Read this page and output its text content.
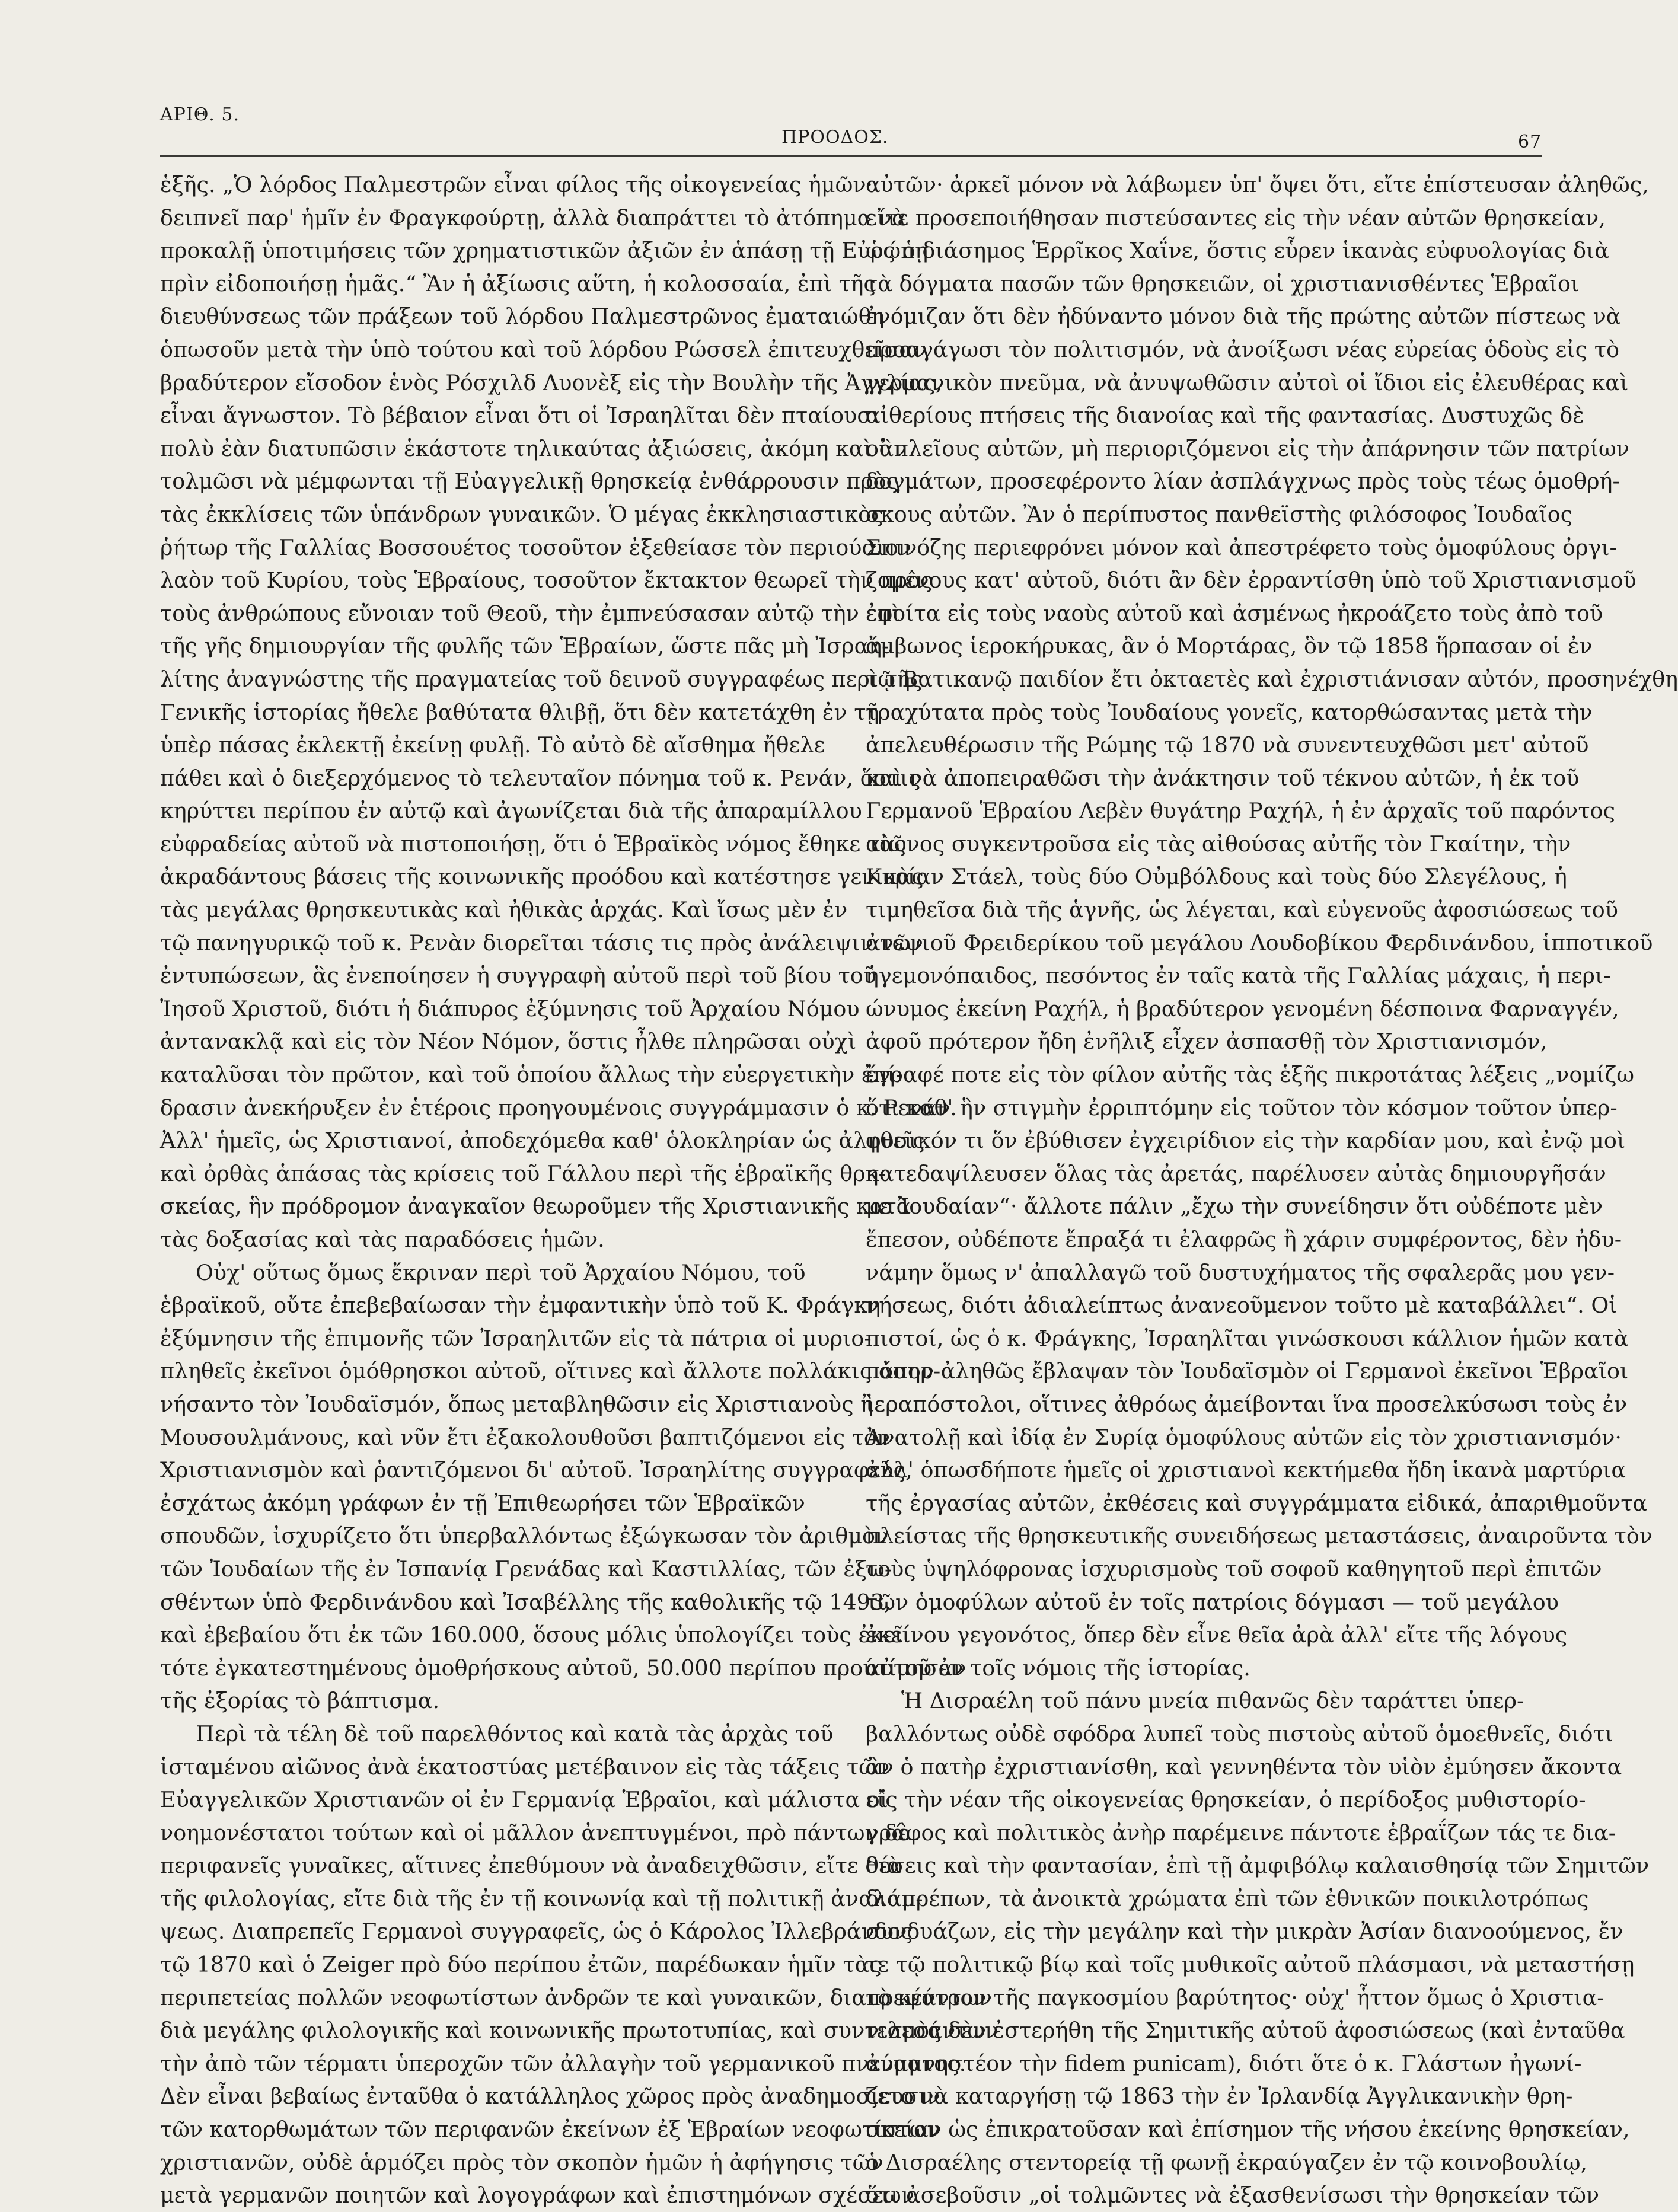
ΑΡΙΘ. 5.
ΠΡΟΟΔΟΣ.	67
ἑξῆς. „Ὁ λόρδος Παλμεστρῶν εἶναι φίλος τῆς οἰκογενείας ἡμῶν·
δειπνεῖ παρ' ἡμῖν ἐν Φραγκφούρτῃ, ἀλλὰ διαπράττει τὸ ἀτόπημα νὰ
προκαλῇ ὑποτιμήσεις τῶν χρηματιστικῶν ἀξιῶν ἐν ἁπάσῃ τῇ Εὐρώπῃ
πρὶν εἰδοποιήσῃ ἡμᾶς.“ Ἂν ἡ ἀξίωσις αὕτη, ἡ κολοσσαία, ἐπὶ τῆς
διευθύνσεως τῶν πράξεων τοῦ λόρδου Παλμεστρῶνος ἐματαιώθη
ὁπωσοῦν μετὰ τὴν ὑπὸ τούτου καὶ τοῦ λόρδου Ρώσσελ ἐπιτευχθεῖσαν
βραδύτερον εἴσοδον ἑνὸς Ρόσχιλδ Λυονὲξ εἰς τὴν Βουλὴν τῆς Ἀγγλίας,
εἶναι ἄγνωστον. Τὸ βέβαιον εἶναι ὅτι οἱ Ἰσραηλῖται δὲν πταίουσι
πολὺ ἐὰν διατυπῶσιν ἑκάστοτε τηλικαύτας ἀξιώσεις, ἀκόμη καὶ ἂν
τολμῶσι νὰ μέμφωνται τῇ Εὐαγγελικῇ θρησκείᾳ ἐνθάρρουσιν πρὸς
τὰς ἐκκλίσεις τῶν ὑπάνδρων γυναικῶν. Ὁ μέγας ἐκκλησιαστικὸς
ῥήτωρ τῆς Γαλλίας Βοσσουέτος τοσοῦτον ἐξεθείασε τὸν περιούσιον
λαὸν τοῦ Κυρίου, τοὺς Ἑβραίους, τοσοῦτον ἔκτακτον θεωρεῖ τὴν πρὸς
τοὺς ἀνθρώπους εὔνοιαν τοῦ Θεοῦ, τὴν ἐμπνεύσασαν αὐτῷ τὴν ἐπὶ
τῆς γῆς δημιουργίαν τῆς φυλῆς τῶν Ἑβραίων, ὥστε πᾶς μὴ Ἰσραη-
λίτης ἀναγνώστης τῆς πραγματείας τοῦ δεινοῦ συγγραφέως περὶ τῆς
Γενικῆς ἱστορίας ἤθελε βαθύτατα θλιβῇ, ὅτι δὲν κατετάχθη ἐν τῇ
ὑπὲρ πάσας ἐκλεκτῇ ἐκείνῃ φυλῇ. Τὸ αὐτὸ δὲ αἴσθημα ἤθελε
πάθει καὶ ὁ διεξερχόμενος τὸ τελευταῖον πόνημα τοῦ κ. Ρενάν, ὅστις
κηρύττει περίπου ἐν αὐτῷ καὶ ἀγωνίζεται διὰ τῆς ἀπαραμίλλου
εὐφραδείας αὐτοῦ νὰ πιστοποιήσῃ, ὅτι ὁ Ἑβραϊκὸς νόμος ἔθηκε τὰς
ἀκραδάντους βάσεις τῆς κοινωνικῆς προόδου καὶ κατέστησε γενικὰς
τὰς μεγάλας θρησκευτικὰς καὶ ἠθικὰς ἀρχάς. Καὶ ἴσως μὲν ἐν
τῷ πανηγυρικῷ τοῦ κ. Ρενὰν διορεῖται τάσις τις πρὸς ἀνάλειψιν τῶν
ἐντυπώσεων, ἃς ἐνεποίησεν ἡ συγγραφὴ αὐτοῦ περὶ τοῦ βίου τοῦ
Ἰησοῦ Χριστοῦ, διότι ἡ διάπυρος ἐξύμνησις τοῦ Ἀρχαίου Νόμου
ἀντανακλᾷ καὶ εἰς τὸν Νέον Νόμον, ὅστις ἦλθε πληρῶσαι οὐχὶ
καταλῦσαι τὸν πρῶτον, καὶ τοῦ ὁποίου ἄλλως τὴν εὐεργετικὴν ἐπί-
δρασιν ἀνεκήρυξεν ἐν ἑτέροις προηγουμένοις συγγράμμασιν ὁ κ. Ρενάν.
Ἀλλ' ἡμεῖς, ὡς Χριστιανοί, ἀποδεχόμεθα καθ' ὁλοκληρίαν ὡς ἀληθεῖς
καὶ ὀρθὰς ἁπάσας τὰς κρίσεις τοῦ Γάλλου περὶ τῆς ἑβραϊκῆς θρη-
σκείας, ἣν πρόδρομον ἀναγκαῖον θεωροῦμεν τῆς Χριστιανικῆς κατὰ
τὰς δοξασίας καὶ τὰς παραδόσεις ἡμῶν.
Οὐχ' οὕτως ὅμως ἔκριναν περὶ τοῦ Ἀρχαίου Νόμου, τοῦ
ἑβραϊκοῦ, οὔτε ἐπεβεβαίωσαν τὴν ἐμφαντικὴν ὑπὸ τοῦ Κ. Φράγκη
ἐξύμνησιν τῆς ἐπιμονῆς τῶν Ἰσραηλιτῶν εἰς τὰ πάτρια οἱ μυριο-
πληθεῖς ἐκεῖνοι ὁμόθρησκοι αὐτοῦ, οἵτινες καὶ ἄλλοτε πολλάκις ἀπηρ-
νήσαντο τὸν Ἰουδαϊσμόν, ὅπως μεταβληθῶσιν εἰς Χριστιανοὺς ἢ
Μουσουλμάνους, καὶ νῦν ἔτι ἐξακολουθοῦσι βαπτιζόμενοι εἰς τὸν
Χριστιανισμὸν καὶ ῥαντιζόμενοι δι' αὐτοῦ. Ἰσραηλίτης συγγραφεύς,
ἐσχάτως ἀκόμη γράφων ἐν τῇ Ἐπιθεωρήσει τῶν Ἑβραϊκῶν
σπουδῶν, ἰσχυρίζετο ὅτι ὑπερβαλλόντως ἐξώγκωσαν τὸν ἀριθμὸν
τῶν Ἰουδαίων τῆς ἐν Ἱσπανίᾳ Γρενάδας καὶ Καστιλλίας, τῶν ἐξω-
σθέντων ὑπὸ Φερδινάνδου καὶ Ἰσαβέλλης τῆς καθολικῆς τῷ 1493,
καὶ ἐβεβαίου ὅτι ἐκ τῶν 160.000, ὅσους μόλις ὑπολογίζει τοὺς ἐκεῖ
τότε ἐγκατεστημένους ὁμοθρήσκους αὐτοῦ, 50.000 περίπου προύτίμησαν
τῆς ἐξορίας τὸ βάπτισμα.
Περὶ τὰ τέλη δὲ τοῦ παρελθόντος καὶ κατὰ τὰς ἀρχὰς τοῦ
ἱσταμένου αἰῶνος ἀνὰ ἑκατοστύας μετέβαινον εἰς τὰς τάξεις τῶν
Εὐαγγελικῶν Χριστιανῶν οἱ ἐν Γερμανίᾳ Ἑβραῖοι, καὶ μάλιστα οἱ
νοημονέστατοι τούτων καὶ οἱ μᾶλλον ἀνεπτυγμένοι, πρὸ πάντων δὲ
περιφανεῖς γυναῖκες, αἵτινες ἐπεθύμουν νὰ ἀναδειχθῶσιν, εἴτε διὰ
τῆς φιλολογίας, εἴτε διὰ τῆς ἐν τῇ κοινωνίᾳ καὶ τῇ πολιτικῇ ἀναλάμ-
ψεως. Διαπρεπεῖς Γερμανοὶ συγγραφεῖς, ὡς ὁ Κάρολος Ἰλλεβράνδος
τῷ 1870 καὶ ὁ Zeiger πρὸ δύο περίπου ἐτῶν, παρέδωκαν ἡμῖν τὰς
περιπετείας πολλῶν νεοφωτίστων ἀνδρῶν τε καὶ γυναικῶν, διαπρεψάντων
διὰ μεγάλης φιλολογικῆς καὶ κοινωνικῆς πρωτοτυπίας, καὶ συντελεσάντων
τὴν ἀπὸ τῶν τέρματι ὑπεροχῶν τῶν ἀλλαγὴν τοῦ γερμανικοῦ πνεύματος.
Δὲν εἶναι βεβαίως ἐνταῦθα ὁ κατάλληλος χῶρος πρὸς ἀναδημοσίευσιν
τῶν κατορθωμάτων τῶν περιφανῶν ἐκείνων ἐξ Ἑβραίων νεοφωτίστων
χριστιανῶν, οὐδὲ ἁρμόζει πρὸς τὸν σκοπὸν ἡμῶν ἡ ἀφήγησις τῶν
μετὰ γερμανῶν ποιητῶν καὶ λογογράφων καὶ ἐπιστημόνων σχέσεων
αὐτῶν· ἀρκεῖ μόνον νὰ λάβωμεν ὑπ' ὄψει ὅτι, εἴτε ἐπίστευσαν ἀληθῶς,
εἴτε προσεποιήθησαν πιστεύσαντες εἰς τὴν νέαν αὐτῶν θρησκείαν,
ὡς ὁ διάσημος Ἑρρῖκος Χαΐνε, ὅστις εὗρεν ἱκανὰς εὐφυολογίας διὰ
τὰ δόγματα πασῶν τῶν θρησκειῶν, οἱ χριστιανισθέντες Ἑβραῖοι
ἐνόμιζαν ὅτι δὲν ἠδύναντο μόνον διὰ τῆς πρώτης αὐτῶν πίστεως νὰ
προαγάγωσι τὸν πολιτισμόν, νὰ ἀνοίξωσι νέας εὐρείας ὁδοὺς εἰς τὸ
γερμανικὸν πνεῦμα, νὰ ἀνυψωθῶσιν αὐτοὶ οἱ ἴδιοι εἰς ἐλευθέρας καὶ
αἰθερίους πτήσεις τῆς διανοίας καὶ τῆς φαντασίας. Δυστυχῶς δὲ
οἱ πλεῖους αὐτῶν, μὴ περιοριζόμενοι εἰς τὴν ἀπάρνησιν τῶν πατρίων
δογμάτων, προσεφέροντο λίαν ἀσπλάγχνως πρὸς τοὺς τέως ὁμοθρή-
σκους αὐτῶν. Ἂν ὁ περίπυστος πανθεϊστὴς φιλόσοφος Ἰουδαῖος
Σπινόζης περιεφρόνει μόνον καὶ ἀπεστρέφετο τοὺς ὁμοφύλους ὀργι-
ζομένους κατ' αὐτοῦ, διότι ἂν δὲν ἐρραντίσθη ὑπὸ τοῦ Χριστιανισμοῦ
ἐφοίτα εἰς τοὺς ναοὺς αὐτοῦ καὶ ἀσμένως ἠκροάζετο τοὺς ἀπὸ τοῦ
ἄμβωνος ἱεροκήρυκας, ἂν ὁ Μορτάρας, ὃν τῷ 1858 ἥρπασαν οἱ ἐν
τῷ Βατικανῷ παιδίον ἔτι ὀκταετὲς καὶ ἐχριστιάνισαν αὐτόν, προσηνέχθη
τραχύτατα πρὸς τοὺς Ἰουδαίους γονεῖς, κατορθώσαντας μετὰ τὴν
ἀπελευθέρωσιν τῆς Ρώμης τῷ 1870 νὰ συνεντευχθῶσι μετ' αὐτοῦ
καὶ νὰ ἀποπειραθῶσι τὴν ἀνάκτησιν τοῦ τέκνου αὐτῶν, ἡ ἐκ τοῦ
Γερμανοῦ Ἑβραίου Λεβὲν θυγάτηρ Ραχήλ, ἡ ἐν ἀρχαῖς τοῦ παρόντος
αἰῶνος συγκεντροῦσα εἰς τὰς αἰθούσας αὐτῆς τὸν Γκαίτην, τὴν
Κυρίαν Στάελ, τοὺς δύο Οὐμβόλδους καὶ τοὺς δύο Σλεγέλους, ἡ
τιμηθεῖσα διὰ τῆς ἁγνῆς, ὡς λέγεται, καὶ εὐγενοῦς ἀφοσιώσεως τοῦ
ἀνεψιοῦ Φρειδερίκου τοῦ μεγάλου Λουδοβίκου Φερδινάνδου, ἱπποτικοῦ
ἡγεμονόπαιδος, πεσόντος ἐν ταῖς κατὰ τῆς Γαλλίας μάχαις, ἡ περι-
ώνυμος ἐκείνη Ραχήλ, ἡ βραδύτερον γενομένη δέσποινα Φαρναγγέν,
ἀφοῦ πρότερον ἤδη ἐνῆλιξ εἶχεν ἀσπασθῇ τὸν Χριστιανισμόν,
ἔγραφέ ποτε εἰς τὸν φίλον αὐτῆς τὰς ἑξῆς πικροτάτας λέξεις „νομίζω
ὅτι καθ' ἣν στιγμὴν ἐρριπτόμην εἰς τοῦτον τὸν κόσμον τοῦτον ὑπερ-
φυσικόν τι ὅν ἐβύθισεν ἐγχειρίδιον εἰς τὴν καρδίαν μου, καὶ ἐνῷ μοὶ
κατεδαψίλευσεν ὅλας τὰς ἀρετάς, παρέλυσεν αὐτὰς δημιουργῆσάν
με Ἰουδαίαν“· ἄλλοτε πάλιν „ἔχω τὴν συνείδησιν ὅτι οὐδέποτε μὲν
ἔπεσον, οὐδέποτε ἔπραξά τι ἐλαφρῶς ἢ χάριν συμφέροντος, δὲν ἠδυ-
νάμην ὅμως ν' ἀπαλλαγῶ τοῦ δυστυχήματος τῆς σφαλερᾶς μου γεν-
νήσεως, διότι ἀδιαλείπτως ἀνανεοῦμενον τοῦτο μὲ καταβάλλει“. Οἱ
πιστοί, ὡς ὁ κ. Φράγκης, Ἰσραηλῖται γινώσκουσι κάλλιον ἡμῶν κατὰ
πόσον ἀληθῶς ἔβλαψαν τὸν Ἰουδαϊσμὸν οἱ Γερμανοὶ ἐκεῖνοι Ἑβραῖοι
ἱεραπόστολοι, οἵτινες ἀθρόως ἀμείβονται ἵνα προσελκύσωσι τοὺς ἐν
Ἀνατολῇ καὶ ἰδίᾳ ἐν Συρίᾳ ὁμοφύλους αὐτῶν εἰς τὸν χριστιανισμόν·
ἀλλ' ὁπωσδήποτε ἡμεῖς οἱ χριστιανοὶ κεκτήμεθα ἤδη ἱκανὰ μαρτύρια
τῆς ἐργασίας αὐτῶν, ἐκθέσεις καὶ συγγράμματα εἰδικά, ἀπαριθμοῦντα
πλείστας τῆς θρησκευτικῆς συνειδήσεως μεταστάσεις, ἀναιροῦντα τὸν
τοὺς ὑψηλόφρονας ἰσχυρισμοὺς τοῦ σοφοῦ καθηγητοῦ περὶ ἐπιτῶν
τῶν ὁμοφύλων αὐτοῦ ἐν τοῖς πατρίοις δόγμασι — τοῦ μεγάλου
ἐκείνου γεγονότος, ὅπερ δὲν εἶνε θεῖα ἀρὰ ἀλλ' εἴτε τῆς λόγους
αὐτοῦ ἐν τοῖς νόμοις τῆς ἱστορίας.
Ἡ Δισραέλη τοῦ πάνυ μνεία πιθανῶς δὲν ταράττει ὑπερ-
βαλλόντως οὐδὲ σφόδρα λυπεῖ τοὺς πιστοὺς αὐτοῦ ὁμοεθνεῖς, διότι
ἂν ὁ πατὴρ ἐχριστιανίσθη, καὶ γεννηθέντα τὸν υἱὸν ἐμύησεν ἄκοντα
εἰς τὴν νέαν τῆς οἰκογενείας θρησκείαν, ὁ περίδοξος μυθιστορίο-
γράφος καὶ πολιτικὸς ἀνὴρ παρέμεινε πάντοτε ἑβραΐζων τάς τε δια-
θέσεις καὶ τὴν φαντασίαν, ἐπὶ τῇ ἀμφιβόλῳ καλαισθησίᾳ τῶν Σημιτῶν
διαπρέπων, τὰ ἀνοικτὰ χρώματα ἐπὶ τῶν ἐθνικῶν ποικιλοτρόπως
συνδυάζων, εἰς τὴν μεγάλην καὶ τὴν μικρὰν Ἀσίαν διανοούμενος, ἔν
τε τῷ πολιτικῷ βίῳ καὶ τοῖς μυθικοῖς αὐτοῦ πλάσμασι, νὰ μεταστήσῃ
τὸ κέντρον τῆς παγκοσμίου βαρύτητος· οὐχ' ἧττον ὅμως ὁ Χριστια-
νισμὸς δὲν ἐστερήθη τῆς Σημιτικῆς αὐτοῦ ἀφοσιώσεως (καὶ ἐνταῦθα
ἀναμνηστέον τὴν fidem punicam), διότι ὅτε ὁ κ. Γλάστων ἠγωνί-
ζετο νὰ καταργήσῃ τῷ 1863 τὴν ἐν Ἰρλανδίᾳ Ἀγγλικανικὴν θρη-
σκείαν ὡς ἐπικρατοῦσαν καὶ ἐπίσημον τῆς νήσου ἐκείνης θρησκείαν,
ὁ Δισραέλης στεντορείᾳ τῇ φωνῇ ἐκραύγαζεν ἐν τῷ κοινοβουλίῳ,
ὅτι ἀσεβοῦσιν „οἱ τολμῶντες νὰ ἐξασθενίσωσι τὴν θρησκείαν τῶν
